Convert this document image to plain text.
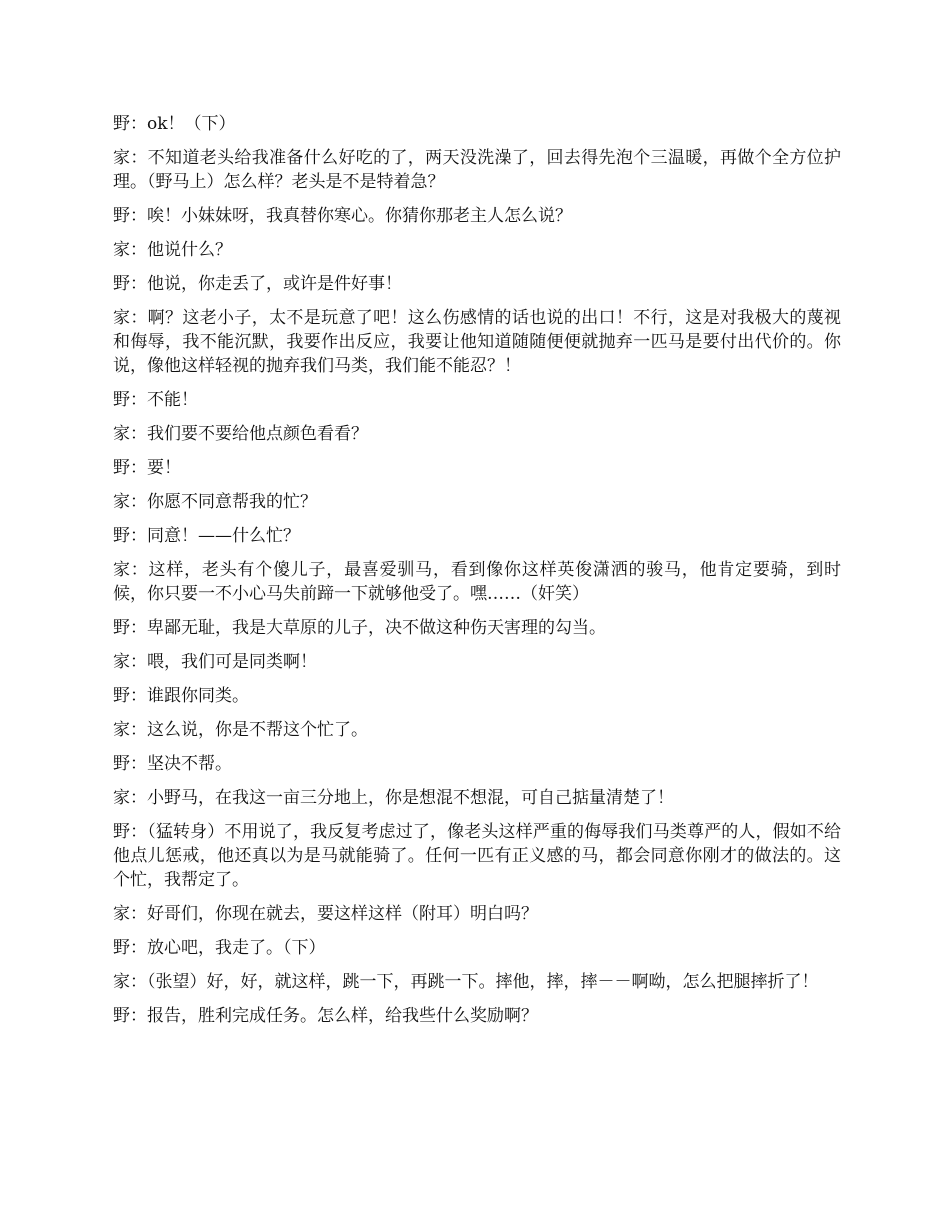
野：ok！（下）

家：不知道老头给我准备什么好吃的了，两天没洗澡了，回去得先泡个三温暖，再做个全方位护理。（野马上）怎么样？老头是不是特着急？

野：唉！小妹妹呀，我真替你寒心。你猜你那老主人怎么说？

家：他说什么？

野：他说，你走丢了，或许是件好事！

家：啊？这老小子，太不是玩意了吧！这么伤感情的话也说的出口！不行，这是对我极大的蔑视和侮辱，我不能沉默，我要作出反应，我要让他知道随随便便就抛弃一匹马是要付出代价的。你说，像他这样轻视的抛弃我们马类，我们能不能忍？！

野：不能！

家：我们要不要给他点颜色看看？

野：要！

家：你愿不同意帮我的忙？

野：同意！——什么忙？

家：这样，老头有个傻儿子，最喜爱驯马，看到像你这样英俊潇洒的骏马，他肯定要骑，到时候，你只要一不小心马失前蹄一下就够他受了。嘿……（奸笑）

野：卑鄙无耻，我是大草原的儿子，决不做这种伤天害理的勾当。

家：喂，我们可是同类啊！

野：谁跟你同类。

家：这么说，你是不帮这个忙了。

野：坚决不帮。

家：小野马，在我这一亩三分地上，你是想混不想混，可自己掂量清楚了！

野：（猛转身）不用说了，我反复考虑过了，像老头这样严重的侮辱我们马类尊严的人，假如不给他点儿惩戒，他还真以为是马就能骑了。任何一匹有正义感的马，都会同意你刚才的做法的。这个忙，我帮定了。

家：好哥们，你现在就去，要这样这样（附耳）明白吗？

野：放心吧，我走了。（下）

家：（张望）好，好，就这样，跳一下，再跳一下。摔他，摔，摔－－啊呦，怎么把腿摔折了！

野：报告，胜利完成任务。怎么样，给我些什么奖励啊？
